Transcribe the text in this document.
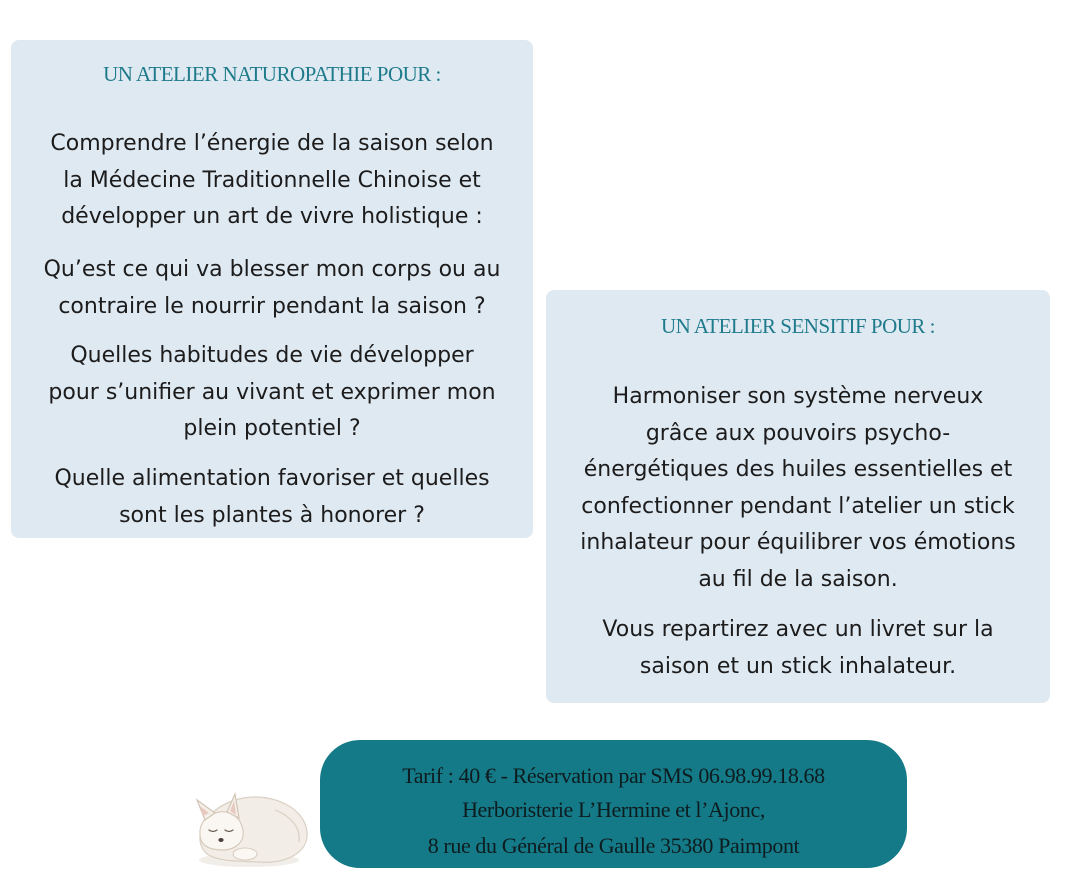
UN ATELIER NATUROPATHIE POUR :
Comprendre l’énergie de la saison selon
la Médecine Traditionnelle Chinoise et
développer un art de vivre holistique :
Qu’est ce qui va blesser mon corps ou au
contraire le nourrir pendant la saison ?
Quelles habitudes de vie développer
pour s’unifier au vivant et exprimer mon
plein potentiel ?
Quelle alimentation favoriser et quelles
sont les plantes à honorer ?
UN ATELIER SENSITIF POUR :
Harmoniser son système nerveux
grâce aux pouvoirs psycho-
énergétiques des huiles essentielles et
confectionner pendant l’atelier un stick
inhalateur pour équilibrer vos émotions
au fil de la saison.
Vous repartirez avec un livret sur la
saison et un stick inhalateur.
Tarif : 40 € - Réservation par SMS 06.98.99.18.68
Herboristerie L’Hermine et l’Ajonc,
8 rue du Général de Gaulle 35380 Paimpont
